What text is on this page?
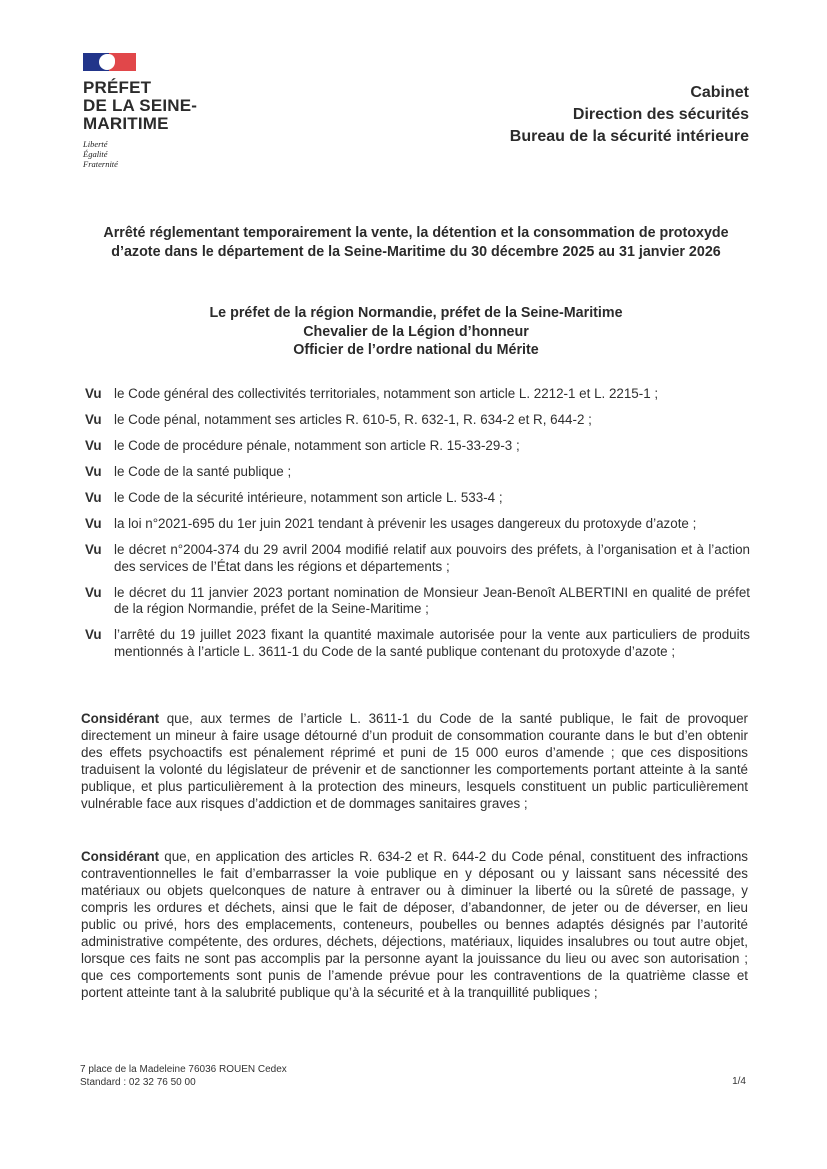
PRÉFET
DE LA SEINE-
MARITIME
Liberté
Égalité
Fraternité
Cabinet
Direction des sécurités
Bureau de la sécurité intérieure
Arrêté réglementant temporairement la vente, la détention et la consommation de protoxyde d’azote dans le département de la Seine-Maritime du 30 décembre 2025 au 31 janvier 2026
Le préfet de la région Normandie, préfet de la Seine-Maritime
Chevalier de la Légion d’honneur
Officier de l’ordre national du Mérite
Vu le Code général des collectivités territoriales, notamment son article L. 2212-1 et L. 2215-1 ;
Vu le Code pénal, notamment ses articles R. 610-5, R. 632-1, R. 634-2 et R, 644-2 ;
Vu le Code de procédure pénale, notamment son article R. 15-33-29-3 ;
Vu le Code de la santé publique ;
Vu le Code de la sécurité intérieure, notamment son article L. 533-4 ;
Vu la loi n°2021-695 du 1er juin 2021 tendant à prévenir les usages dangereux du protoxyde d’azote ;
Vu le décret n°2004-374 du 29 avril 2004 modifié relatif aux pouvoirs des préfets, à l’organisation et à l’action des services de l’État dans les régions et départements ;
Vu le décret du 11 janvier 2023 portant nomination de Monsieur Jean-Benoît ALBERTINI en qualité de préfet de la région Normandie, préfet de la Seine-Maritime ;
Vu l’arrêté du 19 juillet 2023 fixant la quantité maximale autorisée pour la vente aux particuliers de produits mentionnés à l’article L. 3611-1 du Code de la santé publique contenant du protoxyde d’azote ;
Considérant que, aux termes de l’article L. 3611-1 du Code de la santé publique, le fait de provoquer directement un mineur à faire usage détourné d’un produit de consommation courante dans le but d’en obtenir des effets psychoactifs est pénalement réprimé et puni de 15 000 euros d’amende ; que ces dispositions traduisent la volonté du législateur de prévenir et de sanctionner les comportements portant atteinte à la santé publique, et plus particulièrement à la protection des mineurs, lesquels constituent un public particulièrement vulnérable face aux risques d’addiction et de dommages sanitaires graves ;
Considérant que, en application des articles R. 634-2 et R. 644-2 du Code pénal, constituent des infractions contraventionnelles le fait d’embarrasser la voie publique en y déposant ou y laissant sans nécessité des matériaux ou objets quelconques de nature à entraver ou à diminuer la liberté ou la sûreté de passage, y compris les ordures et déchets, ainsi que le fait de déposer, d’abandonner, de jeter ou de déverser, en lieu public ou privé, hors des emplacements, conteneurs, poubelles ou bennes adaptés désignés par l’autorité administrative compétente, des ordures, déchets, déjections, matériaux, liquides insalubres ou tout autre objet, lorsque ces faits ne sont pas accomplis par la personne ayant la jouissance du lieu ou avec son autorisation ; que ces comportements sont punis de l’amende prévue pour les contraventions de la quatrième classe et portent atteinte tant à la salubrité publique qu’à la sécurité et à la tranquillité publiques ;
7 place de la Madeleine 76036 ROUEN Cedex
Standard : 02 32 76 50 00	1/4
